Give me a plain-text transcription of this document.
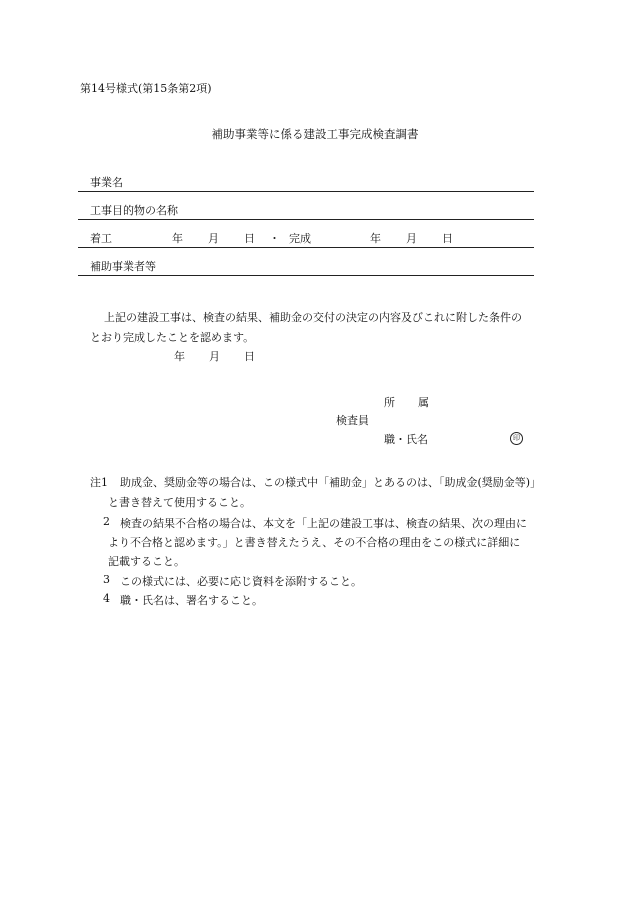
第14号様式(第15条第2項)
補助事業等に係る建設工事完成検査調書
事業名
工事目的物の名称
着工	年 月 日 ・ 完成	年 月 日
補助事業者等
上記の建設工事は、検査の結果、補助金の交付の決定の内容及びこれに附した条件の
とおり完成したことを認めます。
年 月 日
所 属
検査員
職・氏名	印
注1 助成金、奨励金等の場合は、この様式中「補助金」とあるのは、「助成金(奨励金等)」
と書き替えて使用すること。
2 検査の結果不合格の場合は、本文を「上記の建設工事は、検査の結果、次の理由に
より不合格と認めます。」と書き替えたうえ、その不合格の理由をこの様式に詳細に
記載すること。
3 この様式には、必要に応じ資料を添附すること。
4 職・氏名は、署名すること。
